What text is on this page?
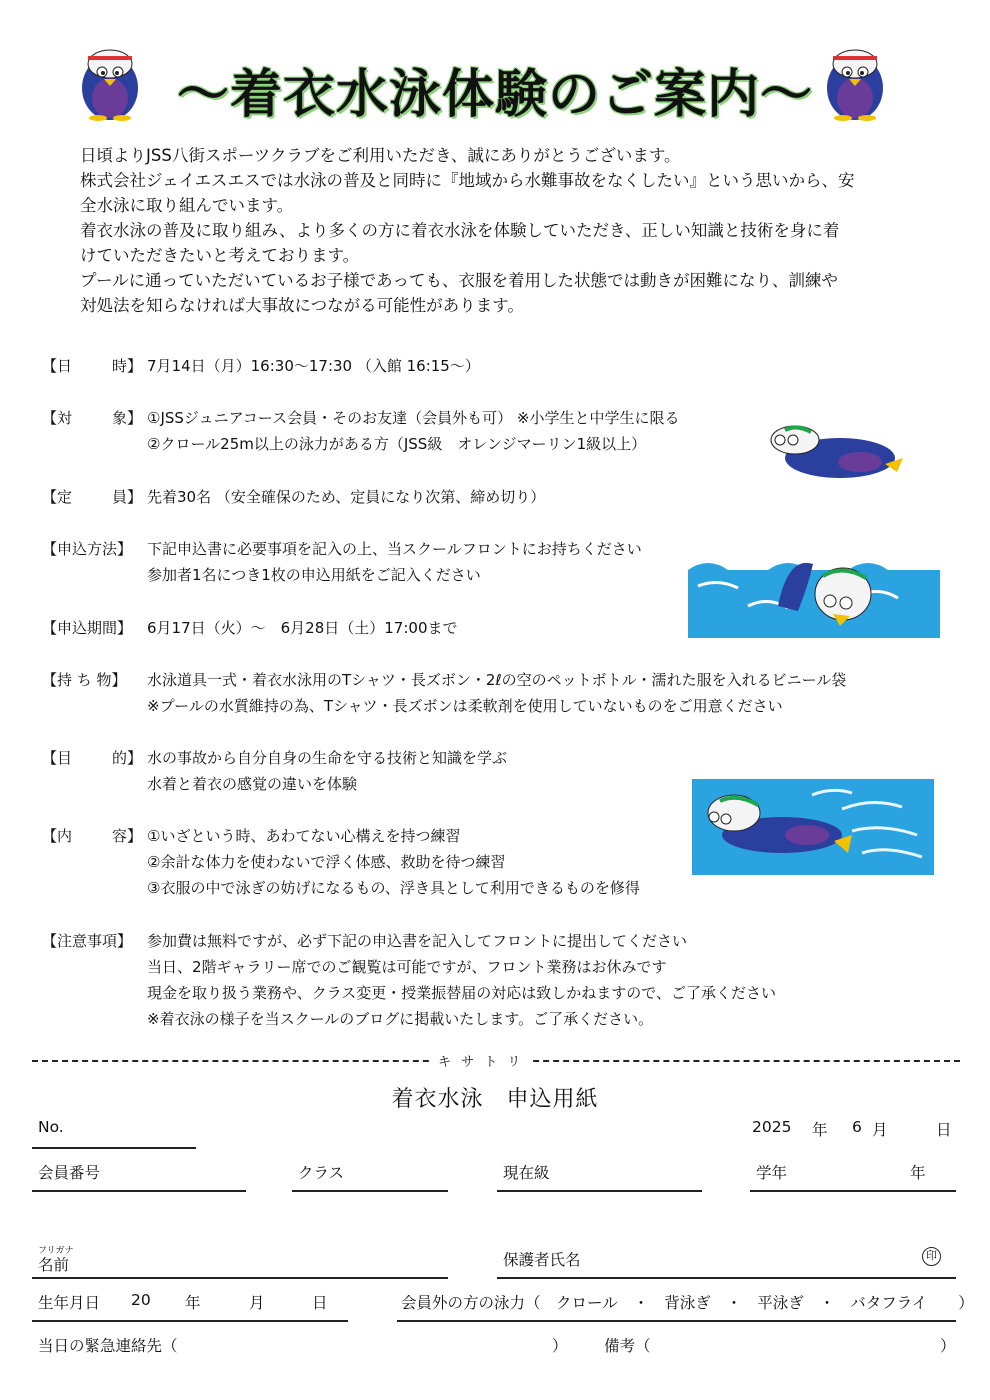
〜着衣水泳体験のご案内〜

日頃よりJSS八街スポーツクラブをご利用いただき、誠にありがとうございます。

株式会社ジェイエスエスでは水泳の普及と同時に『地域から水難事故をなくしたい』という思いから、安

全水泳に取り組んでいます。

着衣水泳の普及に取り組み、より多くの方に着衣水泳を体験していただき、正しい知識と技術を身に着

けていただきたいと考えております。

プールに通っていただいているお子様であっても、衣服を着用した状態では動きが困難になり、訓練や

対処法を知らなければ大事故につながる可能性があります。

【日	時】 7月14日（月）16:30〜17:30 （入館 16:15〜）
【対	象】 ①JSSジュニアコース会員・そのお友達（会員外も可） ※小学生と中学生に限る
②クロール25m以上の泳力がある方（JSS級　オレンジマーリン1級以上）
【定	員】 先着30名 （安全確保のため、定員になり次第、締め切り）
【申込方法】 下記申込書に必要事項を記入の上、当スクールフロントにお持ちください
参加者1名につき1枚の申込用紙をご記入ください
【申込期間】 6月17日（火）〜　6月28日（土）17:00まで
【持 ち 物】 水泳道具一式・着衣水泳用のTシャツ・長ズボン・2ℓの空のペットボトル・濡れた服を入れるビニール袋
※プールの水質維持の為、Tシャツ・長ズボンは柔軟剤を使用していないものをご用意ください
【目	的】 水の事故から自分自身の生命を守る技術と知識を学ぶ
水着と着衣の感覚の違いを体験
【内	容】 ①いざという時、あわてない心構えを持つ練習
②余計な体力を使わないで浮く体感、救助を待つ練習
③衣服の中で泳ぎの妨げになるもの、浮き具として利用できるものを修得
【注意事項】 参加費は無料ですが、必ず下記の申込書を記入してフロントに提出してください
当日、2階ギャラリー席でのご観覧は可能ですが、フロント業務はお休みです
現金を取り扱う業務や、クラス変更・授業振替届の対応は致しかねますので、ご了承ください
※着衣泳の様子を当スクールのブログに掲載いたします。ご了承ください。
キ サ ト リ
着衣水泳　申込用紙
No.	2025 年 6 月	日
会員番号	クラス	現在級	学年	年
フリガナ
名前	保護者氏名	印
生年月日 20 年	月	日	会員外の方の泳力（　クロール　・　背泳ぎ　・　平泳ぎ　・　バタフライ　　）
当日の緊急連絡先（	） 備考（	）
